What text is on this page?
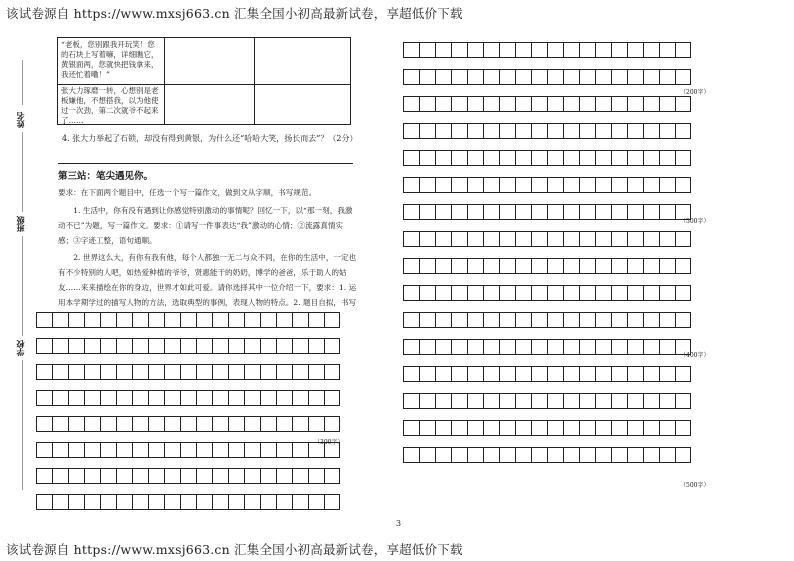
该试卷源自 https://www.mxsj663.cn 汇集全国小初高最新试卷，享超低价下载
姓名
班级
学校
“老板，您别跟我开玩笑！您的石块上写着嘛，详细瞧它，黄银面两，您就快把钱拿来，我还忙着嘞！”
张大力琢磨一转，心想别是老板嫌他，不想搭我，以为他使过一次劲，第二次就爷不起来了……
4. 张大力举起了石锁，却没有得到黄银，为什么还“哈哈大笑，扬长而去”？（2分）
第三站：笔尖遇见你。
要求：在下面两个题目中，任选一个写一篇作文，做到文从字顺，书写规范。
1. 生活中，你有没有遇到让你感觉特别激动的事情呢？回忆一下，以“那一刻，我激动不已”为题，写一篇作文。要求：①请写一件事表达“我”激动的心情；②流露真情实感；③字迹工整，语句通顺。
2. 世界这么大，有你有我有他，每个人都独一无二与众不同，在你的生活中，一定也有不少特别的人吧，如热爱种植的爷爷，贤惠能干的奶奶，博学的爸爸，乐于助人的姑友……来来描绘在你的身边，世界才如此可爱。请你选择其中一位介绍一下，要求：1. 运用本学期学过的描写人物的方法，选取典型的事例，表现人物的特点。2. 题目自拟，书写
（300字）
（200字）
（500字）
（400字）
（500字）
3
该试卷源自 https://www.mxsj663.cn 汇集全国小初高最新试卷，享超低价下载
